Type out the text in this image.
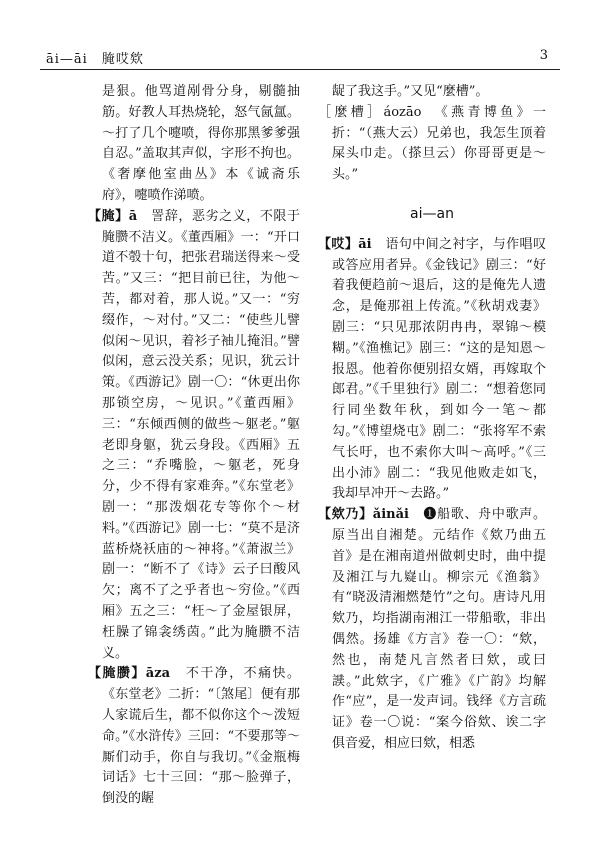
āi—āi　腌哎欸	3

是狠。他骂道剐骨分身，剔髓抽筋。好教人耳热烧轮，怒气氤氲。～打了几个嚏喷，得你那黑爹爹强自忍。”盖取其声似，字形不拘也。《奢摩他室曲丛》本《诚斋乐府》，嚏喷作涕喷。

【腌】ā　 詈辞，恶劣之义，不限于腌臜不洁义。《董西厢》一：“开口道不彀十句，把张君瑞送得来～受苦。”又三：“把目前已往，为他～苦，都对着，那人说。”又一：“穷缀作，～对付。”又二：“使些儿譬似闲～见识，着衫子袖儿掩泪。”譬似闲，意云没关系；见识，犹云计策。《西游记》剧一〇：“休更出你那锁空房，～见识。”《董西厢》三：“东倾西侧的做些～躯老。”躯老即身躯，犹云身段。《西厢》五之三：“乔嘴脸，～躯老，死身分，少不得有家难奔。”《东堂老》剧一：“那泼烟花专等你个～材料。”《西游记》剧一七：“莫不是济蓝桥烧袄庙的～神将。”《萧淑兰》剧一：“断不了《诗》云子曰酸风欠；离不了之乎者也～穷俭。”《西厢》五之三：“枉～了金屋银屏，枉臊了锦衾绣茵。”此为腌臜不洁义。

【腌臜】āza　 不干净，不痛快。《东堂老》二折：“〔煞尾〕便有那人家谎后生，都不似你这个～泼短命。”《水浒传》三回：“不要那等～厮们动手，你自与我切。”《金瓶梅词话》七十三回：“那～脸弹子，倒没的龌

龊了我这手。”又见“麼槽”。

［麼槽］áozāo　 《燕青博鱼》一折：“（燕大云）兄弟也，我怎生顶着屎头巾走。（搽旦云）你哥哥更是～头。”

ai—an

【哎】āi　 语句中间之衬字，与作唱叹或答应用者异。《金钱记》剧三：“好着我便趋前～退后，这的是俺先人遗念，是俺那祖上传流。”《秋胡戏妻》剧三：“只见那浓阴冉冉，翠锦～模糊。”《渔樵记》剧三：“这的是知恩～报恩。他着你便别招女婿，再嫁取个郎君。”《千里独行》剧二：“想着您同行同坐数年秋，到如今一笔～都勾。”《博望烧屯》剧二：“张将军不索气长吁，也不索你大叫～高呼。”《三出小沛》剧二：“我见他败走如飞，我却早冲开～去路。”

【欸乃】ǎinǎi　 ❶船歌、舟中歌声。原当出自湘楚。元结作《欸乃曲五首》是在湘南道州做刺史时，曲中提及湘江与九嶷山。柳宗元《渔翁》有“晓汲清湘燃楚竹”之句。唐诗凡用欸乃，均指湖南湘江一带船歌，非出偶然。扬雄《方言》卷一〇：“欸，然也，南楚凡言然者曰欸，或曰䜁。”此欸字，《广雅》《广韵》均解作“应”，是一发声词。钱绎《方言疏证》卷一〇说：“案今俗欸、诶二字俱音爱，相应曰欸，相悉
